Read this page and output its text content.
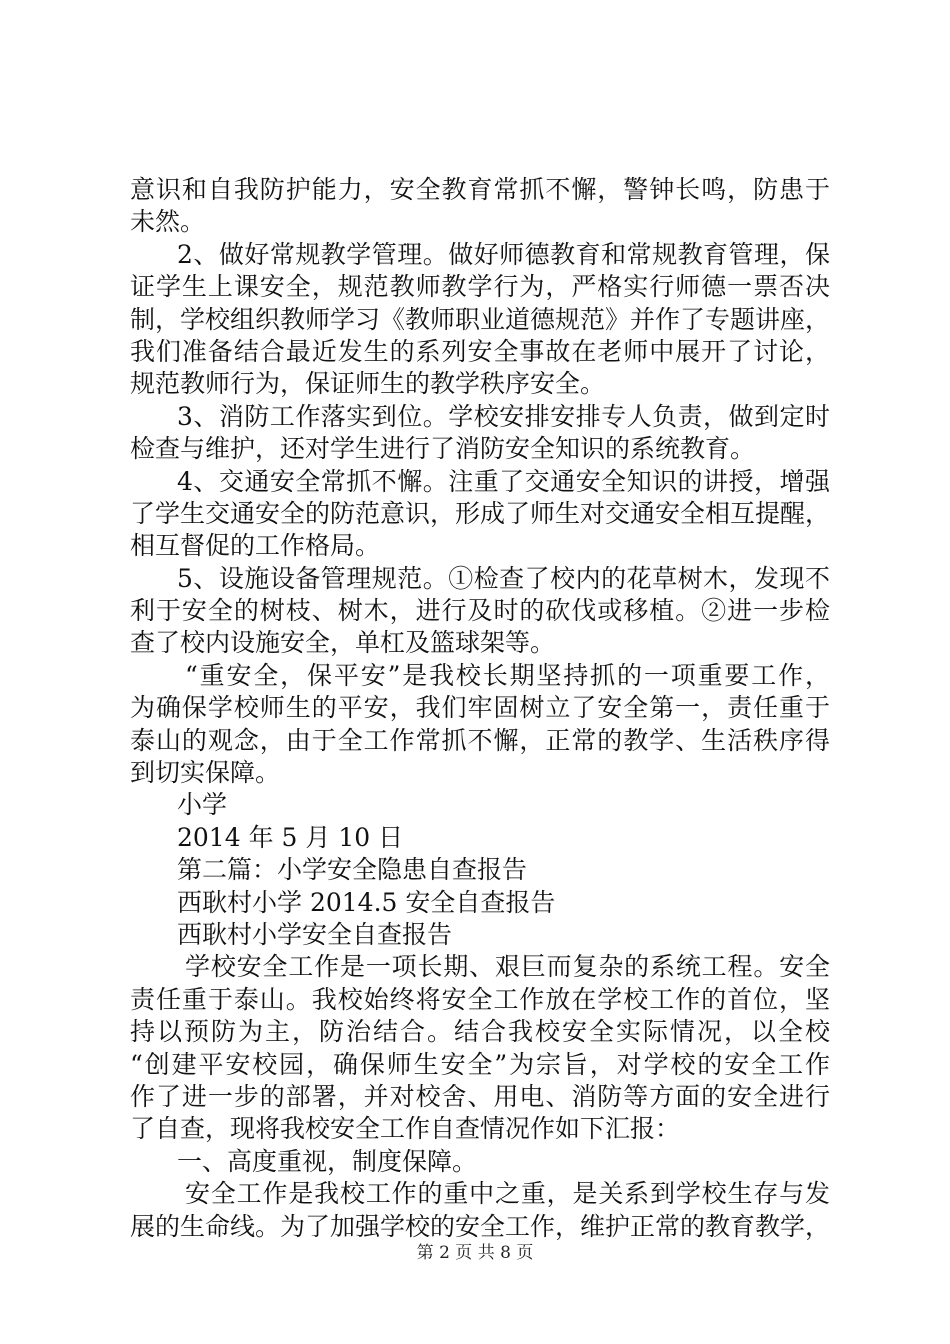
意识和自我防护能力，安全教育常抓不懈，警钟长鸣，防患于
未然。
2、做好常规教学管理。做好师德教育和常规教育管理，保
证学生上课安全，规范教师教学行为，严格实行师德一票否决
制，学校组织教师学习《教师职业道德规范》并作了专题讲座，
我们准备结合最近发生的系列安全事故在老师中展开了讨论，
规范教师行为，保证师生的教学秩序安全。
3、消防工作落实到位。学校安排安排专人负责，做到定时
检查与维护，还对学生进行了消防安全知识的系统教育。
4、交通安全常抓不懈。注重了交通安全知识的讲授，增强
了学生交通安全的防范意识，形成了师生对交通安全相互提醒，
相互督促的工作格局。
5、设施设备管理规范。①检查了校内的花草树木，发现不
利于安全的树枝、树木，进行及时的砍伐或移植。②进一步检
查了校内设施安全，单杠及篮球架等。
“重安全，保平安”是我校长期坚持抓的一项重要工作，
为确保学校师生的平安，我们牢固树立了安全第一，责任重于
泰山的观念，由于全工作常抓不懈，正常的教学、生活秩序得
到切实保障。
小学
2014 年 5 月 10 日
第二篇：小学安全隐患自查报告
西耿村小学 2014.5 安全自查报告
西耿村小学安全自查报告
学校安全工作是一项长期、艰巨而复杂的系统工程。安全
责任重于泰山。我校始终将安全工作放在学校工作的首位，坚
持以预防为主，防治结合。结合我校安全实际情况，以全校
“创建平安校园，确保师生安全”为宗旨，对学校的安全工作
作了进一步的部署，并对校舍、用电、消防等方面的安全进行
了自查，现将我校安全工作自查情况作如下汇报：
一、高度重视，制度保障。
安全工作是我校工作的重中之重，是关系到学校生存与发
展的生命线。为了加强学校的安全工作，维护正常的教育教学，
第 2 页 共 8 页
